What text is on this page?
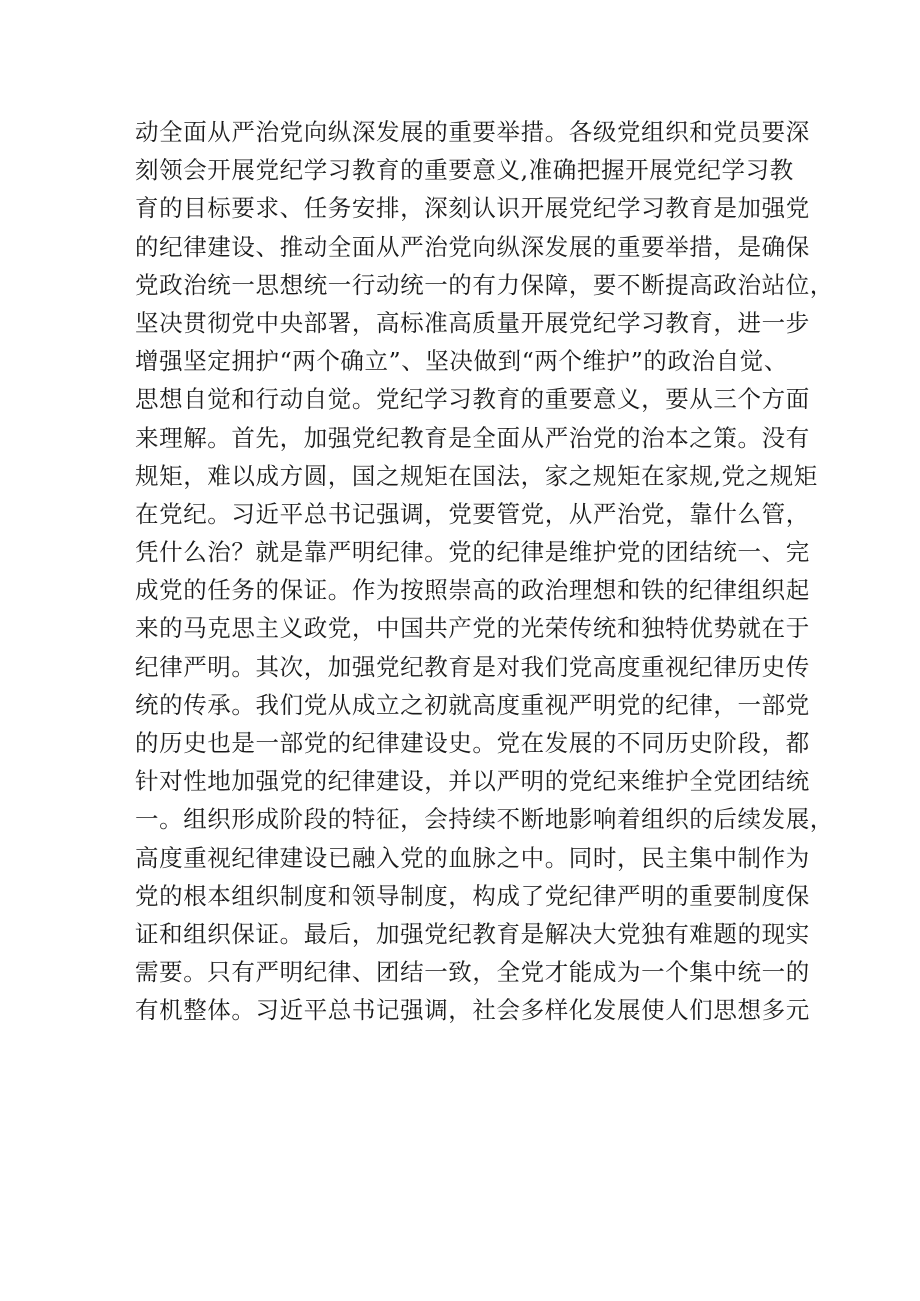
动全面从严治党向纵深发展的重要举措。各级党组织和党员要深
刻领会开展党纪学习教育的重要意义,准确把握开展党纪学习教
育的目标要求、任务安排，深刻认识开展党纪学习教育是加强党
的纪律建设、推动全面从严治党向纵深发展的重要举措，是确保
党政治统一思想统一行动统一的有力保障，要不断提高政治站位，
坚决贯彻党中央部署，高标准高质量开展党纪学习教育，进一步
增强坚定拥护“两个确立”、坚决做到“两个维护”的政治自觉、
思想自觉和行动自觉。党纪学习教育的重要意义，要从三个方面
来理解。首先，加强党纪教育是全面从严治党的治本之策。没有
规矩，难以成方圆，国之规矩在国法，家之规矩在家规,党之规矩
在党纪。习近平总书记强调，党要管党，从严治党，靠什么管，
凭什么治？就是靠严明纪律。党的纪律是维护党的团结统一、完
成党的任务的保证。作为按照崇高的政治理想和铁的纪律组织起
来的马克思主义政党，中国共产党的光荣传统和独特优势就在于
纪律严明。其次，加强党纪教育是对我们党高度重视纪律历史传
统的传承。我们党从成立之初就高度重视严明党的纪律，一部党
的历史也是一部党的纪律建设史。党在发展的不同历史阶段，都
针对性地加强党的纪律建设，并以严明的党纪来维护全党团结统
一。组织形成阶段的特征，会持续不断地影响着组织的后续发展，
高度重视纪律建设已融入党的血脉之中。同时，民主集中制作为
党的根本组织制度和领导制度，构成了党纪律严明的重要制度保
证和组织保证。最后，加强党纪教育是解决大党独有难题的现实
需要。只有严明纪律、团结一致，全党才能成为一个集中统一的
有机整体。习近平总书记强调，社会多样化发展使人们思想多元
